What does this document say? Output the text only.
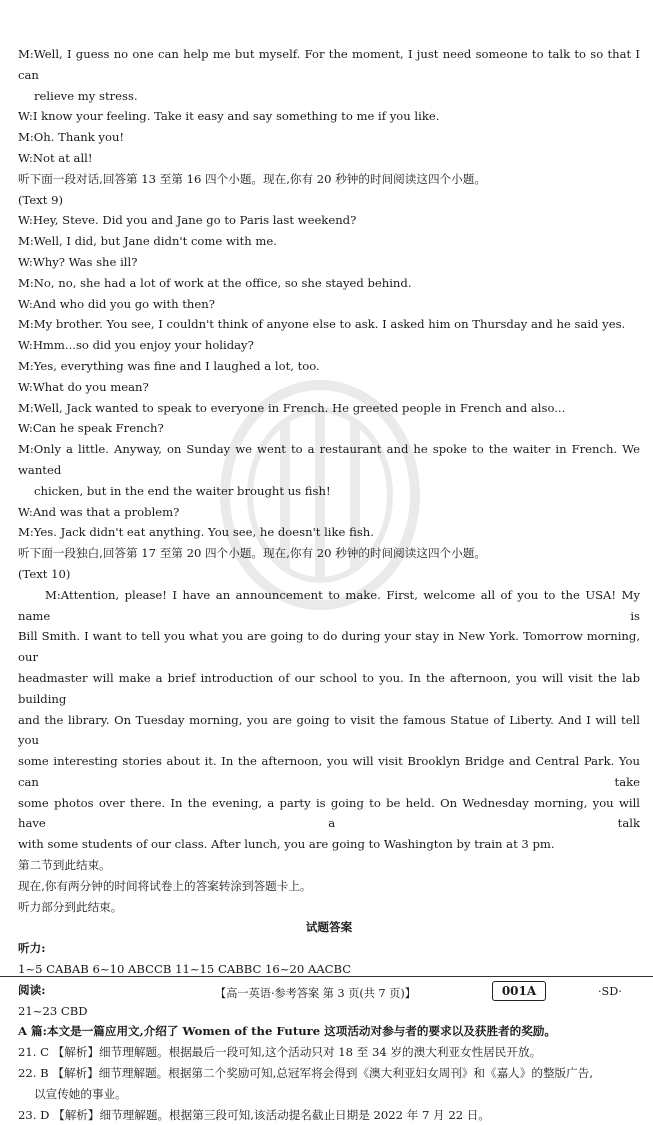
M:Well, I guess no one can help me but myself. For the moment, I just need someone to talk to so that I can
relieve my stress.
W:I know your feeling. Take it easy and say something to me if you like.
M:Oh. Thank you!
W:Not at all!
听下面一段对话,回答第 13 至第 16 四个小题。现在,你有 20 秒钟的时间阅读这四个小题。
(Text 9)
W:Hey, Steve. Did you and Jane go to Paris last weekend?
M:Well, I did, but Jane didn't come with me.
W:Why? Was she ill?
M:No, no, she had a lot of work at the office, so she stayed behind.
W:And who did you go with then?
M:My brother. You see, I couldn't think of anyone else to ask. I asked him on Thursday and he said yes.
W:Hmm...so did you enjoy your holiday?
M:Yes, everything was fine and I laughed a lot, too.
W:What do you mean?
M:Well, Jack wanted to speak to everyone in French. He greeted people in French and also...
W:Can he speak French?
M:Only a little. Anyway, on Sunday we went to a restaurant and he spoke to the waiter in French. We wanted
chicken, but in the end the waiter brought us fish!
W:And was that a problem?
M:Yes. Jack didn't eat anything. You see, he doesn't like fish.
听下面一段独白,回答第 17 至第 20 四个小题。现在,你有 20 秒钟的时间阅读这四个小题。
(Text 10)
M:Attention, please! I have an announcement to make. First, welcome all of you to the USA! My name is
Bill Smith. I want to tell you what you are going to do during your stay in New York. Tomorrow morning, our
headmaster will make a brief introduction of our school to you. In the afternoon, you will visit the lab building
and the library. On Tuesday morning, you are going to visit the famous Statue of Liberty. And I will tell you
some interesting stories about it. In the afternoon, you will visit Brooklyn Bridge and Central Park. You can take
some photos over there. In the evening, a party is going to be held. On Wednesday morning, you will have a talk
with some students of our class. After lunch, you are going to Washington by train at 3 pm.
第二节到此结束。
现在,你有两分钟的时间将试卷上的答案转涂到答题卡上。
听力部分到此结束。
试题答案
听力:
1~5 CABAB 6~10 ABCCB 11~15 CABBC 16~20 AACBC
阅读:
21~23 CBD
A 篇:本文是一篇应用文,介绍了 Women of the Future 这项活动对参与者的要求以及获胜者的奖励。
21. C 【解析】细节理解题。根据最后一段可知,这个活动只对 18 至 34 岁的澳大利亚女性居民开放。
22. B 【解析】细节理解题。根据第二个奖励可知,总冠军将会得到《澳大利亚妇女周刊》和《嘉人》的整版广告,
以宣传她的事业。
23. D 【解析】细节理解题。根据第三段可知,该活动提名截止日期是 2022 年 7 月 22 日。
【高一英语·参考答案 第 3 页(共 7 页)】	001A	·SD·
